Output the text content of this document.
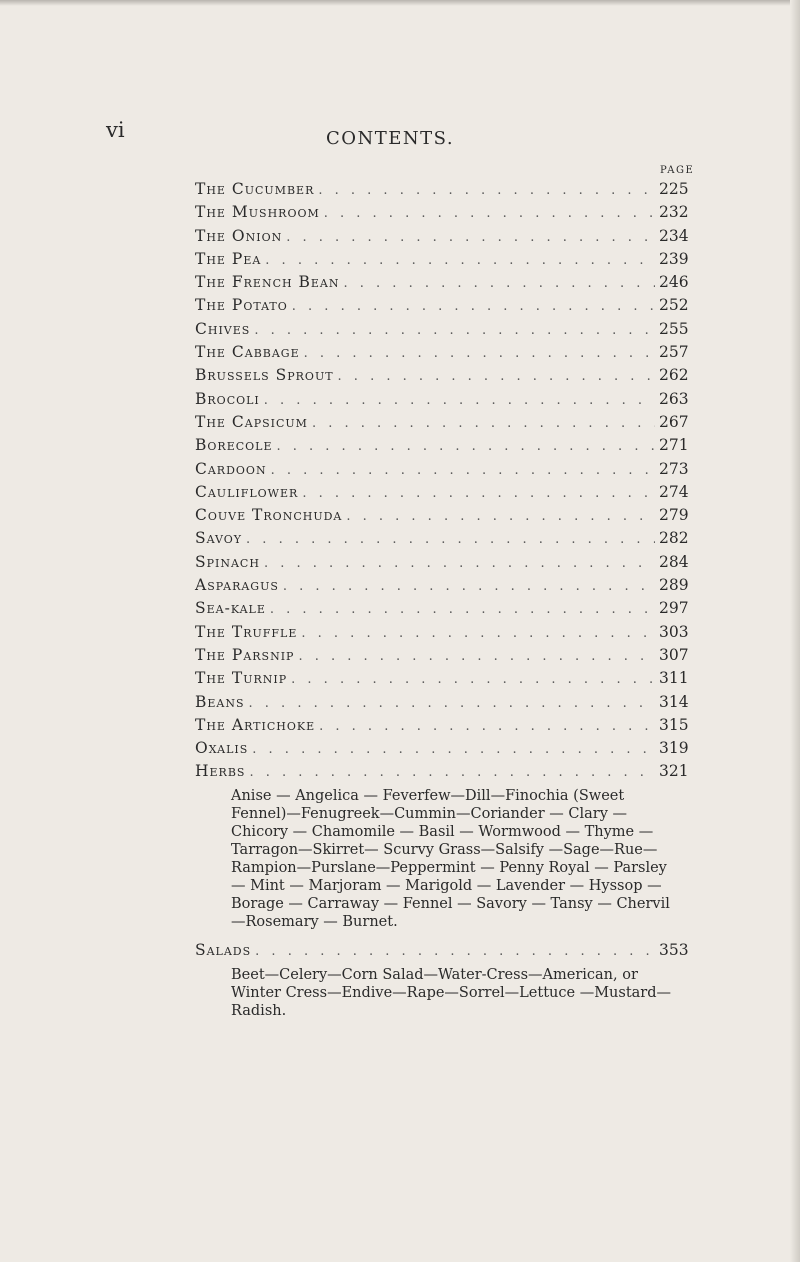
vi	CONTENTS.
PAGE
The Cucumber . . .	225
The Mushroom . . .	232
The Onion . . .	234
The Pea . . .	239
The French Bean . . .	246
The Potato . . .	252
Chives . . .	255
The Cabbage . . .	257
Brussels Sprout . . .	262
Brocoli . . .	263
The Capsicum . . .	267
Borecole . . .	271
Cardoon . . .	273
Cauliflower . . .	274
Couve Tronchuda . . .	279
Savoy . . .	282
Spinach . . .	284
Asparagus . . .	289
Sea-kale . . .	297
The Truffle . . .	303
The Parsnip . . .	307
The Turnip . . .	311
Beans . . .	314
The Artichoke . . .	315
Oxalis . . .	319
Herbs . . .	321
Anise — Angelica — Feverfew—Dill—Finochia (Sweet Fennel)—Fenugreek—Cummin—Coriander — Clary — Chicory — Chamomile — Basil — Wormwood — Thyme —Tarragon—Skirret— Scurvy Grass—Salsify —Sage—Rue—Rampion—Purslane—Peppermint — Penny Royal — Parsley — Mint — Marjoram — Marigold — Lavender — Hyssop — Borage — Carraway — Fennel — Savory — Tansy — Chervil —Rosemary — Burnet.
Salads . . .	353
Beet—Celery—Corn Salad—Water-Cress—American, or Winter Cress—Endive—Rape—Sorrel—Lettuce —Mustard—Radish.
